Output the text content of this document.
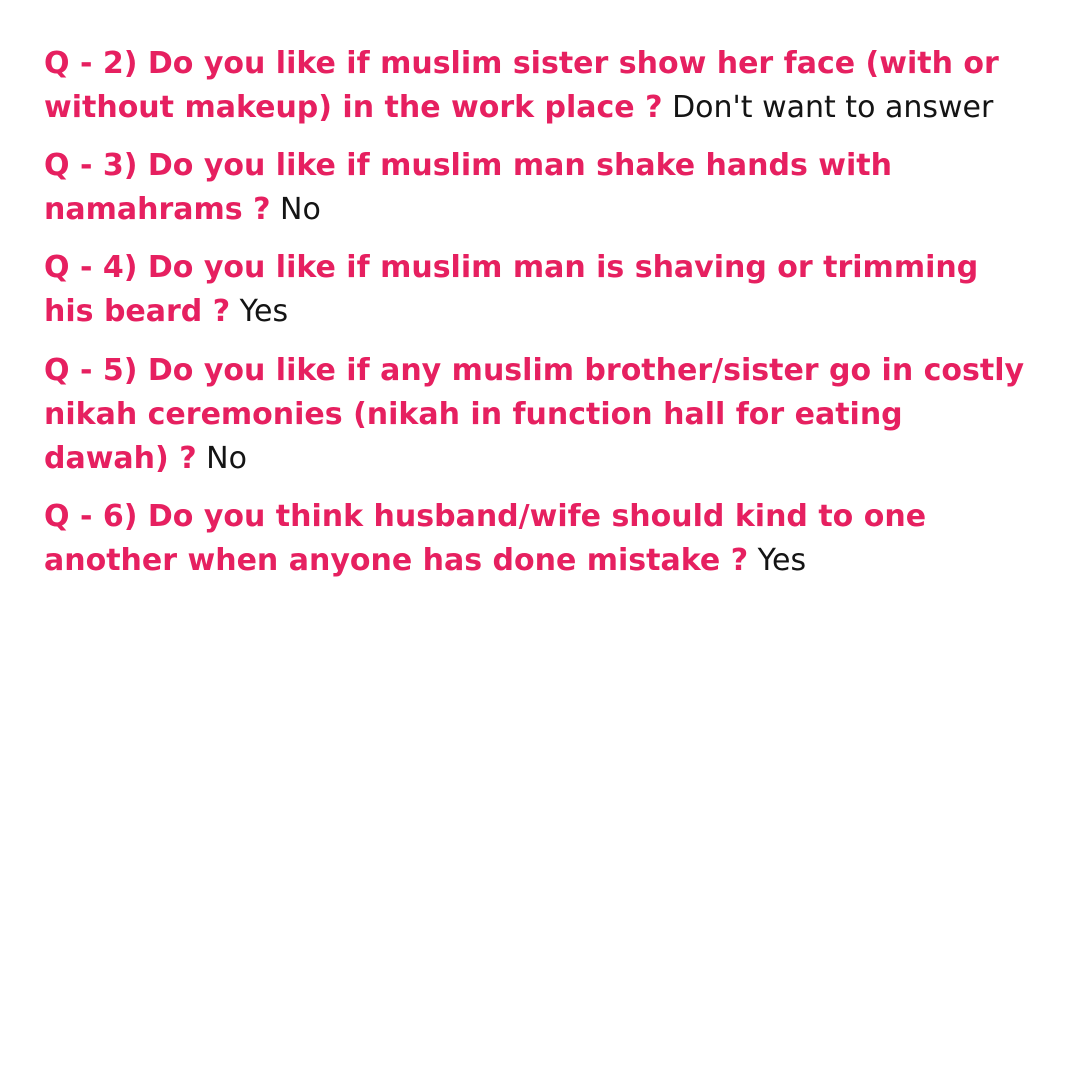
Q - 2) Do you like if muslim sister show her face (with or without makeup) in the work place ? Don't want to answer

Q - 3) Do you like if muslim man shake hands with namahrams ? No

Q - 4) Do you like if muslim man is shaving or trimming his beard ? Yes

Q - 5) Do you like if any muslim brother/sister go in costly nikah ceremonies (nikah in function hall for eating dawah) ? No

Q - 6) Do you think husband/wife should kind to one another when anyone has done mistake ? Yes
